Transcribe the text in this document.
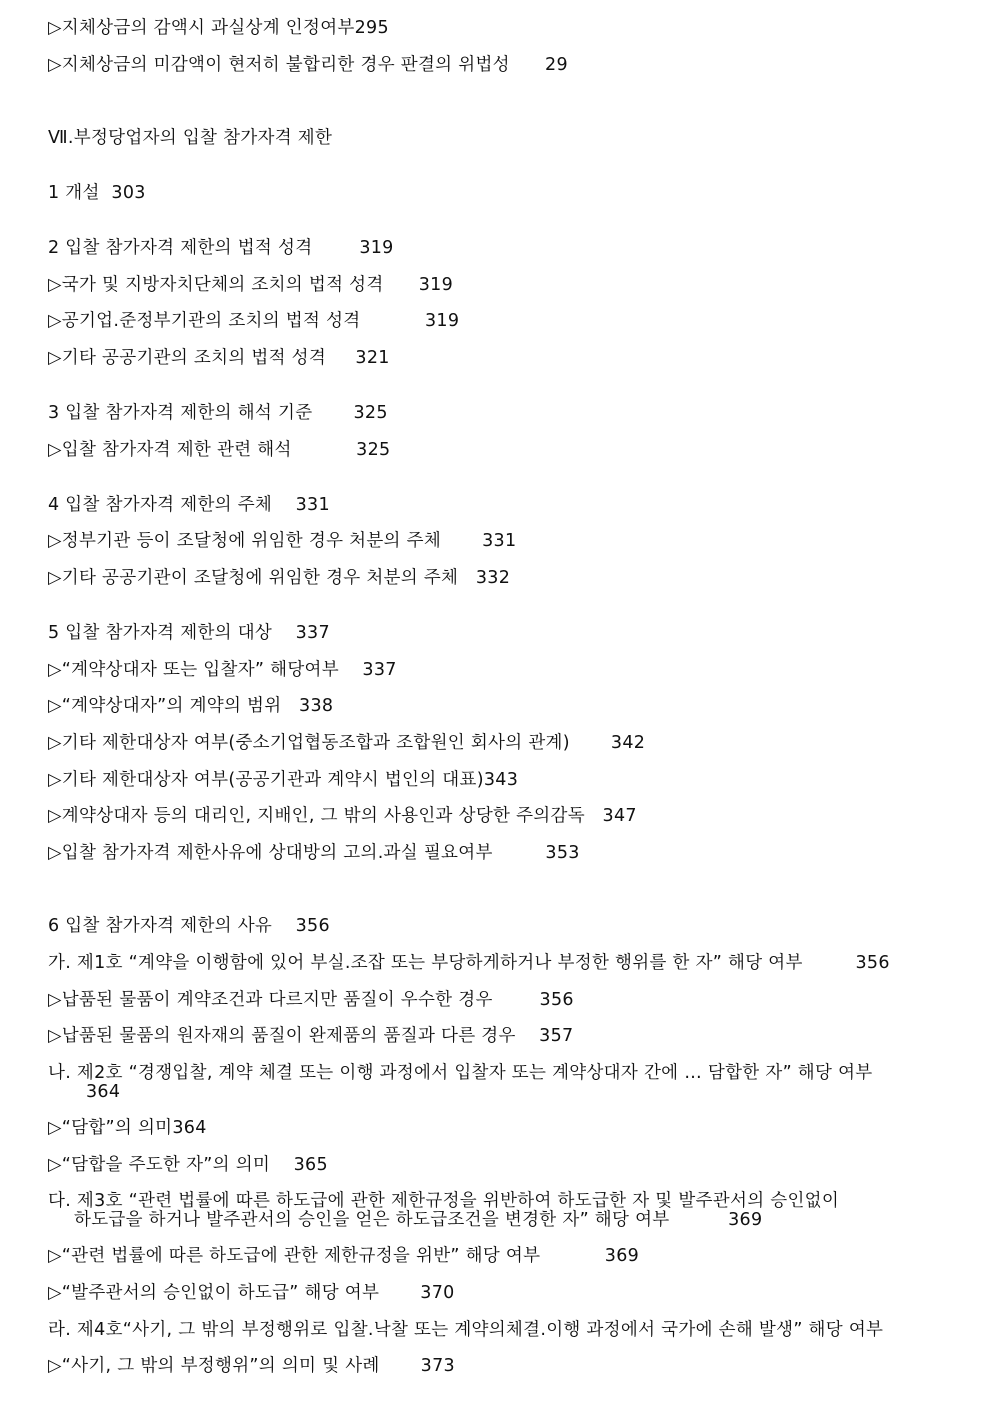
▷지체상금의 감액시 과실상계 인정여부295
▷지체상금의 미감액이 현저히 불합리한 경우 판결의 위법성      29
Ⅶ.부정당업자의 입찰 참가자격 제한
1 개설  303
2 입찰 참가자격 제한의 법적 성격        319
▷국가 및 지방자치단체의 조치의 법적 성격      319
▷공기업.준정부기관의 조치의 법적 성격           319
▷기타 공공기관의 조치의 법적 성격     321
3 입찰 참가자격 제한의 해석 기준       325
▷입찰 참가자격 제한 관련 해석           325
4 입찰 참가자격 제한의 주체    331
▷정부기관 등이 조달청에 위임한 경우 처분의 주체       331
▷기타 공공기관이 조달청에 위임한 경우 처분의 주체   332
5 입찰 참가자격 제한의 대상    337
▷“계약상대자 또는 입찰자” 해당여부    337
▷“계약상대자”의 계약의 범위   338
▷기타 제한대상자 여부(중소기업협동조합과 조합원인 회사의 관계)       342
▷기타 제한대상자 여부(공공기관과 계약시 법인의 대표)343
▷계약상대자 등의 대리인, 지배인, 그 밖의 사용인과 상당한 주의감독   347
▷입찰 참가자격 제한사유에 상대방의 고의.과실 필요여부         353
6 입찰 참가자격 제한의 사유    356
가. 제1호 “계약을 이행함에 있어 부실.조잡 또는 부당하게하거나 부정한 행위를 한 자” 해당 여부         356
▷납품된 물품이 계약조건과 다르지만 품질이 우수한 경우        356
▷납품된 물품의 원자재의 품질이 완제품의 품질과 다른 경우    357
나. 제2호 “경쟁입찰, 계약 체결 또는 이행 과정에서 입찰자 또는 계약상대자 간에 … 담합한 자” 해당 여부
364
▷“담합”의 의미364
▷“담합을 주도한 자”의 의미    365
다. 제3호 “관련 법률에 따른 하도급에 관한 제한규정을 위반하여 하도급한 자 및 발주관서의 승인없이
하도급을 하거나 발주관서의 승인을 얻은 하도급조건을 변경한 자” 해당 여부          369
▷“관련 법률에 따른 하도급에 관한 제한규정을 위반” 해당 여부           369
▷“발주관서의 승인없이 하도급” 해당 여부       370
라. 제4호“사기, 그 밖의 부정행위로 입찰.낙찰 또는 계약의체결.이행 과정에서 국가에 손해 발생” 해당 여부
▷“사기, 그 밖의 부정행위”의 의미 및 사례       373
